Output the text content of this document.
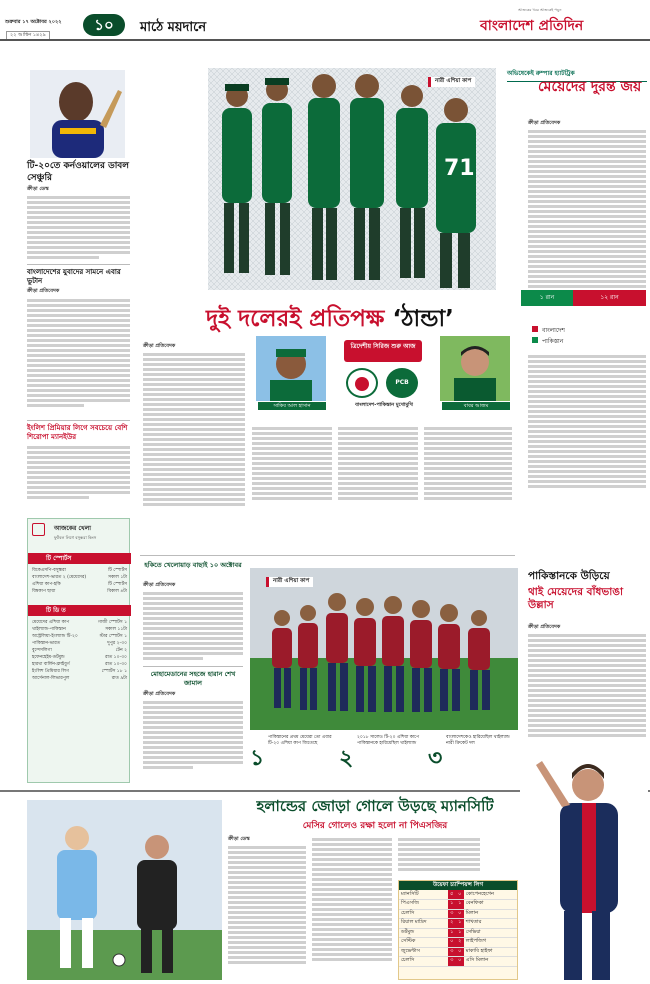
শুক্রবার ১৭ অক্টোবর ২০২২
২২ আশ্বিন ১৪২৯
১০	মাঠে ময়দানে
আজকের খবর আজকেই পড়ুন
বাংলাদেশ প্রতিদিন
টি-২০তে কর্নওয়ালের ডাবল সেঞ্চুরি
ক্রীড়া ডেস্ক
বাংলাদেশের যুবাদের সামনে এবার ভুটান
ক্রীড়া প্রতিবেদক
ইংলিশ প্রিমিয়ার লিগে সবচেয়ে বেশি শিরোপা ম্যানইউর
আজকের খেলা
ফুটবল লিগে বসুন্ধরা কিংস
টি স্পোর্টস
বিকেএসপি-বসুন্ধরা	টি স্পোর্টস
বাংলাদেশ-ভারত ২ (মেয়েদের)	সকাল ১টা
এশিয়া কাপ-হকি	টি স্পোর্টস
বিশ্বকাপ ছায়া	বিকাল ৪টা
টি ডি ত
মেয়েদের এশিয়া কাপ	গাজী স্পোর্টস ১
থাইল্যান্ড-পাকিস্তান	সকাল ১১টা
অস্ট্রেলিয়া-ইংল্যান্ড টি-২০	স্টার স্পোর্টস ১
পাকিস্তান-ভারত	দুপুর ২-৩০
বুন্দেসলিগা	টেন ২
হফেনহেইম-ডর্টমুন্ড	রাত ১০-৩০
হারথা বার্লিন-ফ্রাইবুর্গ	রাত ১০-৩০
ইংলিশ প্রিমিয়ার লিগ	স্পোর্টস ১৮ ১
আর্সেনাল-লিভারপুল	রাত ৯টা
71
নারী এশিয়া কাপ
অভিষেকেই রুম্পার হ্যাটট্রিক
মেয়েদের দুরন্ত জয়
ক্রীড়া প্রতিবেদক
দুই দলেরই প্রতিপক্ষ ‘ঠান্ডা’
ক্রীড়া প্রতিবেদক
সাকিব আল হাসান
ত্রিদেশীয় সিরিজ শুরু আজ
PCB
বাংলাদেশ-পাকিস্তান মুখোমুখি	বাবর আজম
১ রান	১২ রান
বাংলাদেশ
পাকিস্তান
হকিতে খেলোয়াড় বাছাই ১০ অক্টোবর
ক্রীড়া প্রতিবেদক
মোহামেডানের সহজে হারান শেখ জামাল
ক্রীড়া প্রতিবেদক
নারী এশিয়া কাপ
১
পাকিস্তানের প্রথম মেয়েরা তো এবার টি-২০ এশিয়া কাপ জিতেছে
২
২০১৮ সালেও টি-২০ এশিয়া কাপে পাকিস্তানকে হারিয়েছিল থাইল্যান্ড
৩
বাংলাদেশকেও হারিয়েছিল থাইল্যান্ড নারী ক্রিকেট দল
পাকিস্তানকে উড়িয়ে
থাই মেয়েদের বাঁধভাঙা উল্লাস
ক্রীড়া প্রতিবেদক
হলান্ডের জোড়া গোলে উড়ছে ম্যানসিটি
মেসির গোলেও রক্ষা হলো না পিএসজির
ক্রীড়া ডেস্ক
উয়েফা চ্যাম্পিয়ন্স লিগ
ম্যানসিটি	৫	০	কোপেনহেগেন
পিএসজি	১	১	বেনফিকা
চেলসি	৩	০	মিলান
রিয়াল মাদ্রিদ	২	১	শাখতার
ডর্টমুন্ড	১	১	সেভিয়া
সেল্টিক	০	২	লাইপজিগ
জুভেন্টাস	৩	০	মাকাবি হাইফা
চেলসি	৩	০	এসি মিলান
